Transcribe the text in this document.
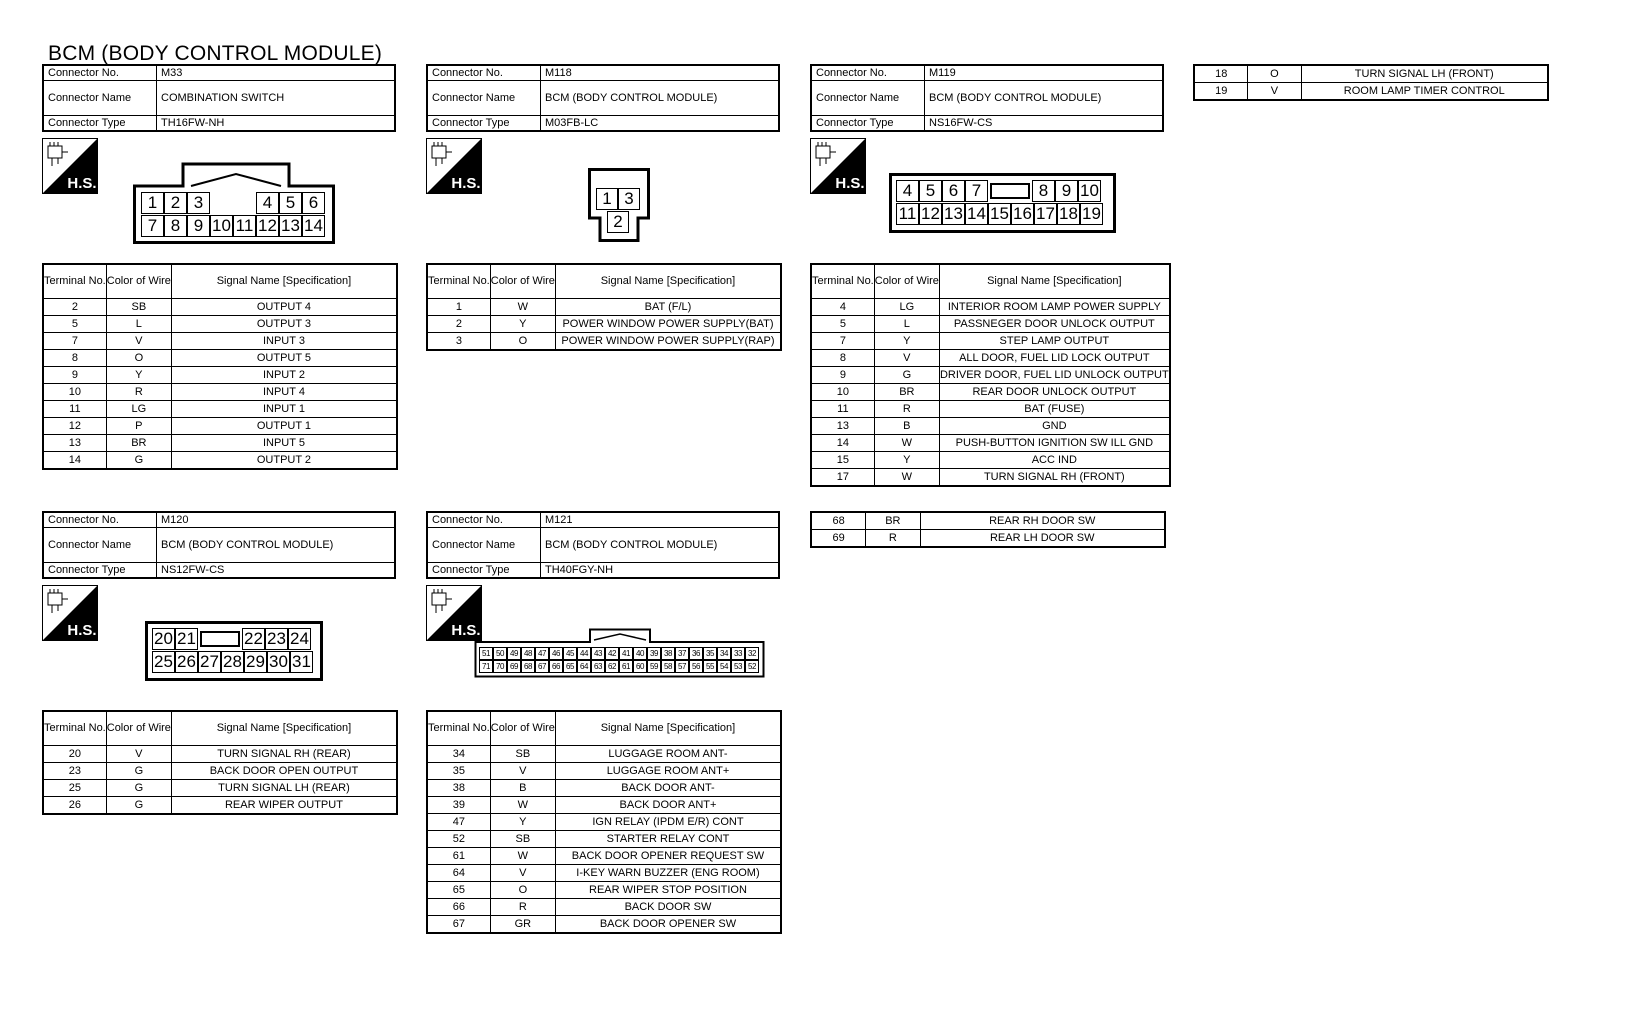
BCM (BODY CONTROL MODULE)
Connector No.	M33
Connector Name	COMBINATION SWITCH
Connector Type	TH16FW-NH
H.S.
1 2 3	4 5 6
7 8 9 10 11 12 13 14
Terminal No.	Color of Wire	Signal Name [Specification]
2	SB	OUTPUT 4
5	L	OUTPUT 3
7	V	INPUT 3
8	O	OUTPUT 5
9	Y	INPUT 2
10	R	INPUT 4
11	LG	INPUT 1
12	P	OUTPUT 1
13	BR	INPUT 5
14	G	OUTPUT 2
Connector No.	M118
Connector Name	BCM (BODY CONTROL MODULE)
Connector Type	M03FB-LC
H.S.
1 3
2
Terminal No.	Color of Wire	Signal Name [Specification]
1	W	BAT (F/L)
2	Y	POWER WINDOW POWER SUPPLY(BAT)
3	O	POWER WINDOW POWER SUPPLY(RAP)
Connector No.	M119
Connector Name	BCM (BODY CONTROL MODULE)
Connector Type	NS16FW-CS
H.S.	4 5 6 7	8 9 10
11 12 13 14 15 16 17 18 19
Terminal No.	Color of Wire	Signal Name [Specification]
4	LG	INTERIOR ROOM LAMP POWER SUPPLY
5	L	PASSNEGER DOOR UNLOCK OUTPUT
7	Y	STEP LAMP OUTPUT
8	V	ALL DOOR, FUEL LID LOCK OUTPUT
9	G	DRIVER DOOR, FUEL LID UNLOCK OUTPUT
10	BR	REAR DOOR UNLOCK OUTPUT
11	R	BAT (FUSE)
13	B	GND
14	W	PUSH-BUTTON IGNITION SW ILL GND
15	Y	ACC IND
17	W	TURN SIGNAL RH (FRONT)
18	O	TURN SIGNAL LH (FRONT)
19	V	ROOM LAMP TIMER CONTROL
Connector No.	M120
Connector Name	BCM (BODY CONTROL MODULE)
Connector Type	NS12FW-CS
H.S.	20 21	22 23 24
25 26 27 28 29 30 31
Terminal No.	Color of Wire	Signal Name [Specification]
20	V	TURN SIGNAL RH (REAR)
23	G	BACK DOOR OPEN OUTPUT
25	G	TURN SIGNAL LH (REAR)
26	G	REAR WIPER OUTPUT
Connector No.	M121
Connector Name	BCM (BODY CONTROL MODULE)
Connector Type	TH40FGY-NH
H.S.
51 50 49 48 47 46 45 44 43 42 41 40 39 38 37 36 35 34 33 32
71 70 69 68 67 66 65 64 63 62 61 60 59 58 57 56 55 54 53 52
Terminal No.	Color of Wire	Signal Name [Specification]
34	SB	LUGGAGE ROOM ANT-
35	V	LUGGAGE ROOM ANT+
38	B	BACK DOOR ANT-
39	W	BACK DOOR ANT+
47	Y	IGN RELAY (IPDM E/R) CONT
52	SB	STARTER RELAY CONT
61	W	BACK DOOR OPENER REQUEST SW
64	V	I-KEY WARN BUZZER (ENG ROOM)
65	O	REAR WIPER STOP POSITION
66	R	BACK DOOR SW
67	GR	BACK DOOR OPENER SW
68	BR	REAR RH DOOR SW
69	R	REAR LH DOOR SW
